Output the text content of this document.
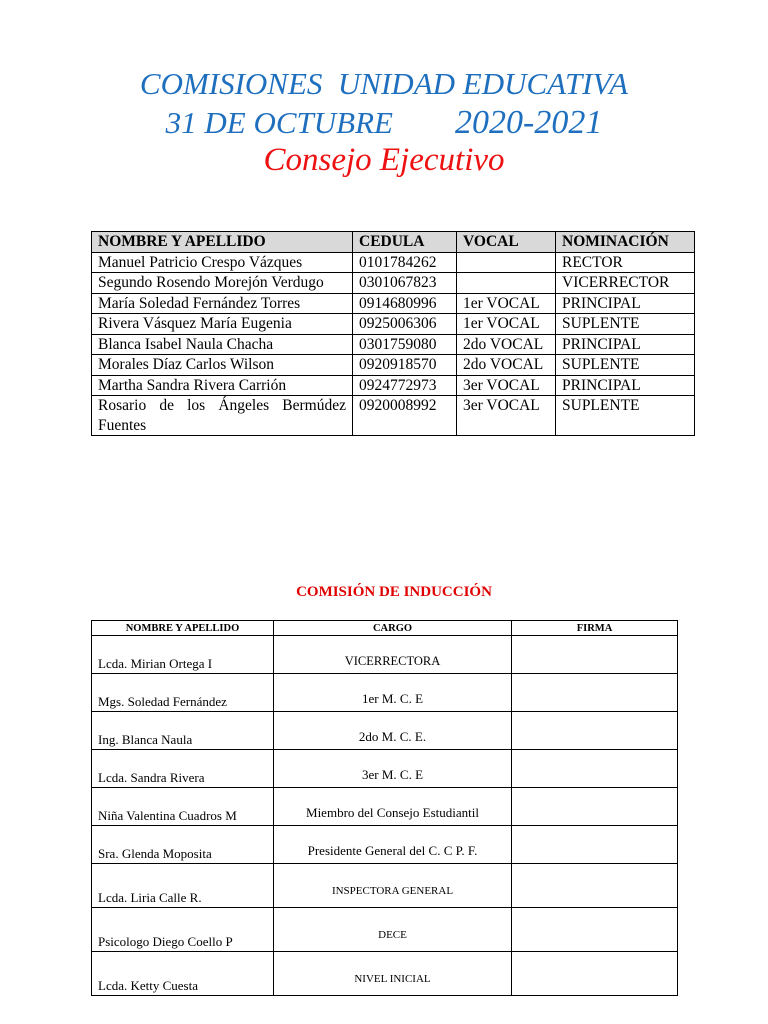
COMISIONES  UNIDAD EDUCATIVA
31 DE OCTUBRE 2020-2021
Consejo Ejecutivo
NOMBRE Y APELLIDO	CEDULA	VOCAL	NOMINACIÓN
Manuel Patricio Crespo Vázques	0101784262		RECTOR
Segundo Rosendo Morejón Verdugo	0301067823		VICERRECTOR
María Soledad Fernández Torres	0914680996	1er VOCAL	PRINCIPAL
Rivera Vásquez María Eugenia	0925006306	1er VOCAL	SUPLENTE
Blanca Isabel Naula Chacha	0301759080	2do VOCAL	PRINCIPAL
Morales Díaz Carlos Wilson	0920918570	2do VOCAL	SUPLENTE
Martha Sandra Rivera Carrión	0924772973	3er VOCAL	PRINCIPAL
Rosario de los Ángeles Bermúdez Fuentes	0920008992	3er VOCAL	SUPLENTE
COMISIÓN DE INDUCCIÓN
NOMBRE Y APELLIDO	CARGO	FIRMA
Lcda. Mirian Ortega I	VICERRECTORA	
Mgs. Soledad Fernández	1er M. C. E	
Ing. Blanca Naula	2do M. C. E.	
Lcda. Sandra Rivera	3er M. C. E	
Niña Valentina Cuadros M	Miembro del Consejo Estudiantil	
Sra. Glenda Moposita	Presidente General del C. C P. F.	
Lcda. Liria Calle R.	INSPECTORA GENERAL	
Psicologo Diego Coello P	DECE	
Lcda. Ketty Cuesta	NIVEL INICIAL	
